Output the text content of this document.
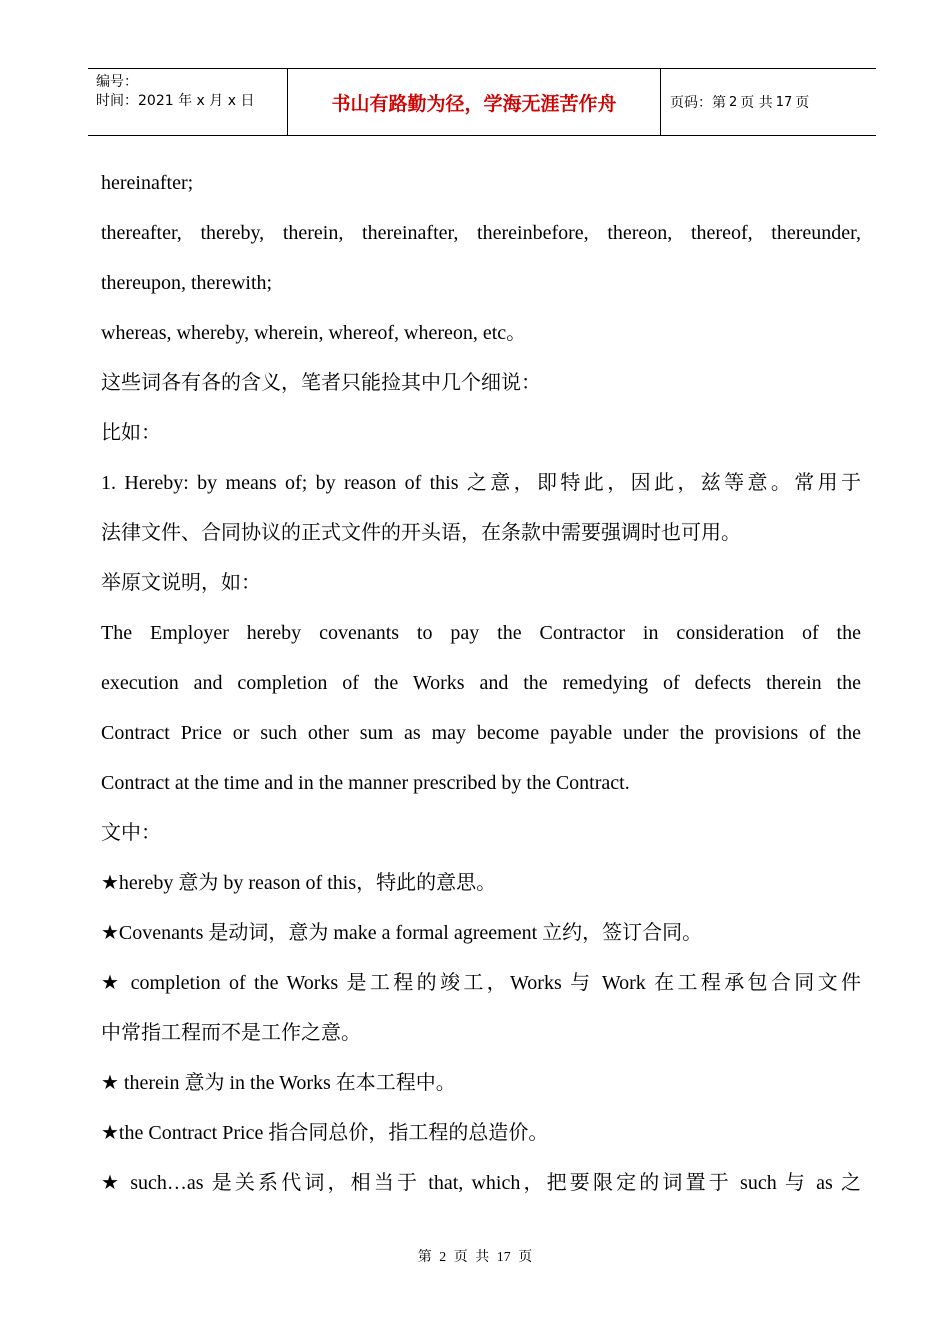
编号：
时间：2021 年 x 月 x 日	书山有路勤为径，学海无涯苦作舟	页码：第 2 页 共 17 页

hereinafter;

thereafter, thereby, therein, thereinafter, thereinbefore, thereon, thereof, thereunder,

thereupon, therewith;

whereas, whereby, wherein, whereof, whereon, etc。

这些词各有各的含义，笔者只能捡其中几个细说：

比如：

1. Hereby: by means of; by reason of this 之意，即特此，因此，兹等意。常用于

法律文件、合同协议的正式文件的开头语，在条款中需要强调时也可用。

举原文说明，如：

The Employer hereby covenants to pay the Contractor in consideration of the

execution and completion of the Works and the remedying of defects therein the

Contract Price or such other sum as may become payable under the provisions of the

Contract at the time and in the manner prescribed by the Contract.

文中：

★hereby 意为 by reason of this，特此的意思。

★Covenants 是动词，意为 make a formal agreement 立约，签订合同。

★ completion of the Works 是工程的竣工，Works 与 Work 在工程承包合同文件

中常指工程而不是工作之意。

★ therein 意为 in the Works 在本工程中。

★the Contract Price 指合同总价，指工程的总造价。

★ such…as 是关系代词，相当于 that, which，把要限定的词置于 such 与 as 之

第 2 页 共 17 页
